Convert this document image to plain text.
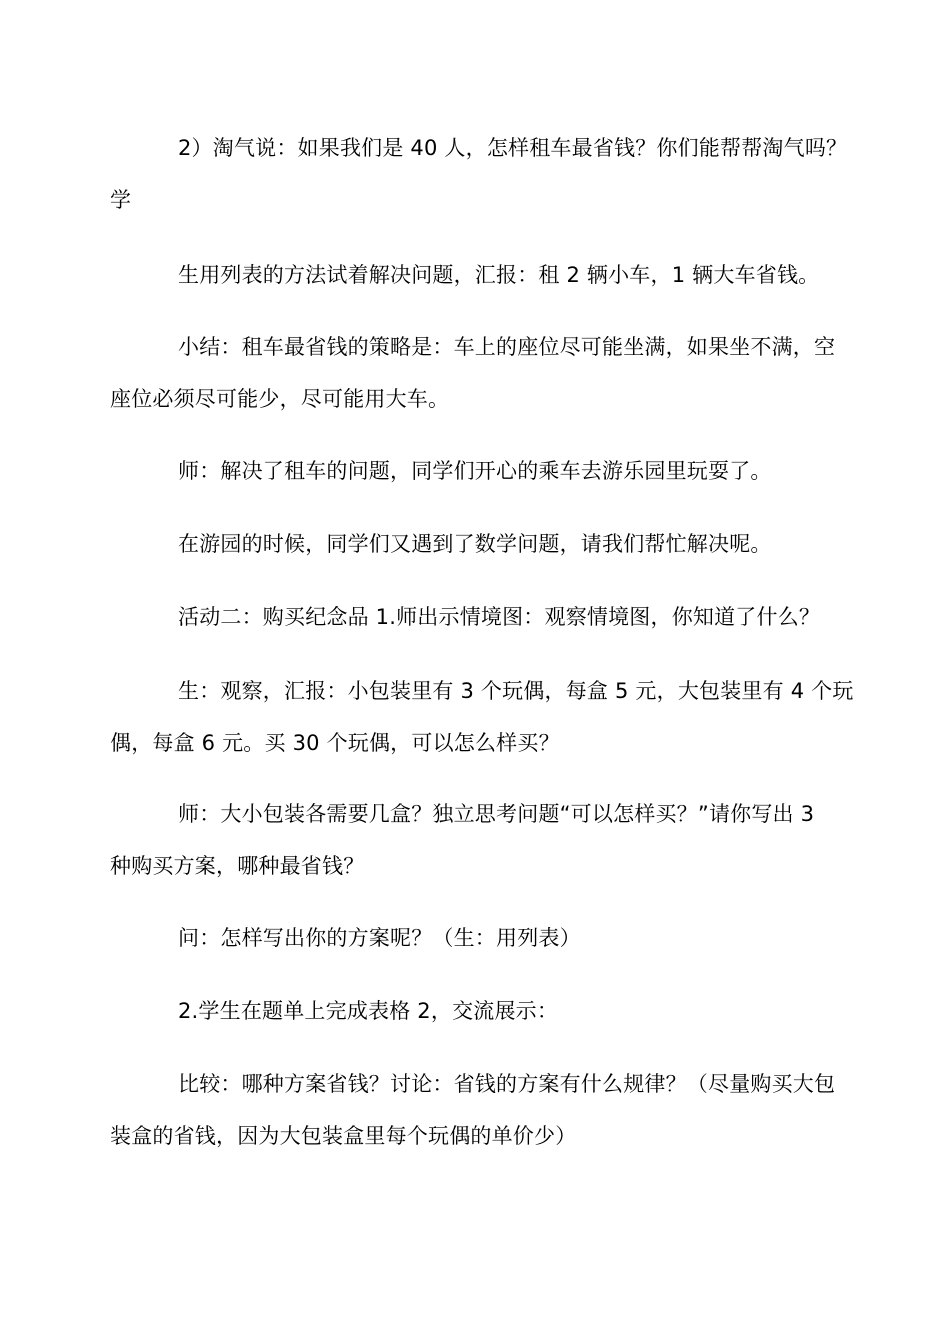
2）淘气说：如果我们是 40 人，怎样租车最省钱？你们能帮帮淘气吗？
学

生用列表的方法试着解决问题，汇报：租 2 辆小车，1 辆大车省钱。

小结：租车最省钱的策略是：车上的座位尽可能坐满，如果坐不满，空
座位必须尽可能少，尽可能用大车。

师：解决了租车的问题，同学们开心的乘车去游乐园里玩耍了。

在游园的时候，同学们又遇到了数学问题，请我们帮忙解决呢。

活动二：购买纪念品 1.师出示情境图：观察情境图，你知道了什么？

生：观察，汇报：小包装里有 3 个玩偶，每盒 5 元，大包装里有 4 个玩
偶，每盒 6 元。买 30 个玩偶，可以怎么样买？

师：大小包装各需要几盒？独立思考问题“可以怎样买？”请你写出 3
种购买方案，哪种最省钱？

问：怎样写出你的方案呢？（生：用列表）

2.学生在题单上完成表格 2，交流展示：

比较：哪种方案省钱？讨论：省钱的方案有什么规律？（尽量购买大包
装盒的省钱，因为大包装盒里每个玩偶的单价少）
